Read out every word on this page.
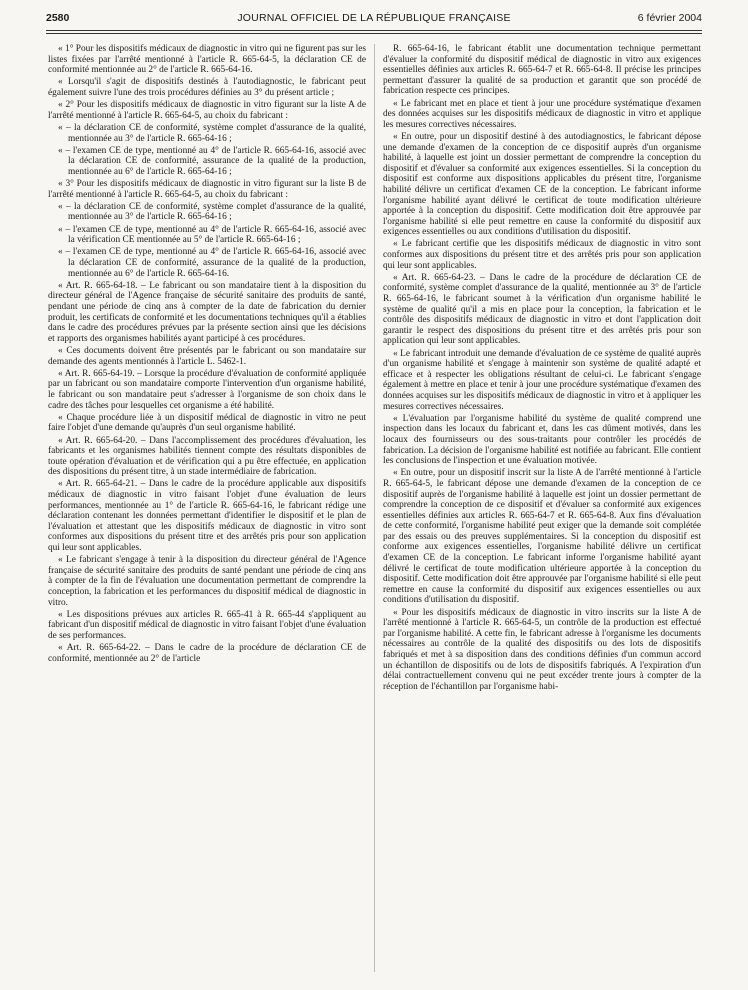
2580	JOURNAL OFFICIEL DE LA RÉPUBLIQUE FRANÇAISE	6 février 2004

« 1° Pour les dispositifs médicaux de diagnostic in vitro qui ne figurent pas sur les listes fixées par l'arrêté mentionné à l'article R. 665-64-5, la déclaration CE de conformité mentionnée au 2° de l'article R. 665-64-16.

« Lorsqu'il s'agit de dispositifs destinés à l'autodiagnostic, le fabricant peut également suivre l'une des trois procédures définies au 3° du présent article ;

« 2° Pour les dispositifs médicaux de diagnostic in vitro figurant sur la liste A de l'arrêté mentionné à l'article R. 665-64-5, au choix du fabricant :

« – la déclaration CE de conformité, système complet d'assurance de la qualité, mentionnée au 3° de l'article R. 665-64-16 ;

« – l'examen CE de type, mentionné au 4° de l'article R. 665-64-16, associé avec la déclaration CE de conformité, assurance de la qualité de la production, mentionnée au 6° de l'article R. 665-64-16 ;

« 3° Pour les dispositifs médicaux de diagnostic in vitro figurant sur la liste B de l'arrêté mentionné à l'article R. 665-64-5, au choix du fabricant :

« – la déclaration CE de conformité, système complet d'assurance de la qualité, mentionnée au 3° de l'article R. 665-64-16 ;

« – l'examen CE de type, mentionné au 4° de l'article R. 665-64-16, associé avec la vérification CE mentionnée au 5° de l'article R. 665-64-16 ;

« – l'examen CE de type, mentionné au 4° de l'article R. 665-64-16, associé avec la déclaration CE de conformité, assurance de la qualité de la production, mentionnée au 6° de l'article R. 665-64-16.

« Art. R. 665-64-18. – Le fabricant ou son mandataire tient à la disposition du directeur général de l'Agence française de sécurité sanitaire des produits de santé, pendant une période de cinq ans à compter de la date de fabrication du dernier produit, les certificats de conformité et les documentations techniques qu'il a établies dans le cadre des procédures prévues par la présente section ainsi que les décisions et rapports des organismes habilités ayant participé à ces procédures.

« Ces documents doivent être présentés par le fabricant ou son mandataire sur demande des agents mentionnés à l'article L. 5462-1.

« Art. R. 665-64-19. – Lorsque la procédure d'évaluation de conformité appliquée par un fabricant ou son mandataire comporte l'intervention d'un organisme habilité, le fabricant ou son mandataire peut s'adresser à l'organisme de son choix dans le cadre des tâches pour lesquelles cet organisme a été habilité.

« Chaque procédure liée à un dispositif médical de diagnostic in vitro ne peut faire l'objet d'une demande qu'auprès d'un seul organisme habilité.

« Art. R. 665-64-20. – Dans l'accomplissement des procédures d'évaluation, les fabricants et les organismes habilités tiennent compte des résultats disponibles de toute opération d'évaluation et de vérification qui a pu être effectuée, en application des dispositions du présent titre, à un stade intermédiaire de fabrication.

« Art. R. 665-64-21. – Dans le cadre de la procédure applicable aux dispositifs médicaux de diagnostic in vitro faisant l'objet d'une évaluation de leurs performances, mentionnée au 1° de l'article R. 665-64-16, le fabricant rédige une déclaration contenant les données permettant d'identifier le dispositif et le plan de l'évaluation et attestant que les dispositifs médicaux de diagnostic in vitro sont conformes aux dispositions du présent titre et des arrêtés pris pour son application qui leur sont applicables.

« Le fabricant s'engage à tenir à la disposition du directeur général de l'Agence française de sécurité sanitaire des produits de santé pendant une période de cinq ans à compter de la fin de l'évaluation une documentation permettant de comprendre la conception, la fabrication et les performances du dispositif médical de diagnostic in vitro.

« Les dispositions prévues aux articles R. 665-41 à R. 665-44 s'appliquent au fabricant d'un dispositif médical de diagnostic in vitro faisant l'objet d'une évaluation de ses performances.

« Art. R. 665-64-22. – Dans le cadre de la procédure de déclaration CE de conformité, mentionnée au 2° de l'article

R. 665-64-16, le fabricant établit une documentation technique permettant d'évaluer la conformité du dispositif médical de diagnostic in vitro aux exigences essentielles définies aux articles R. 665-64-7 et R. 665-64-8. Il précise les principes permettant d'assurer la qualité de sa production et garantit que son procédé de fabrication respecte ces principes.

« Le fabricant met en place et tient à jour une procédure systématique d'examen des données acquises sur les dispositifs médicaux de diagnostic in vitro et applique les mesures correctives nécessaires.

« En outre, pour un dispositif destiné à des autodiagnostics, le fabricant dépose une demande d'examen de la conception de ce dispositif auprès d'un organisme habilité, à laquelle est joint un dossier permettant de comprendre la conception du dispositif et d'évaluer sa conformité aux exigences essentielles. Si la conception du dispositif est conforme aux dispositions applicables du présent titre, l'organisme habilité délivre un certificat d'examen CE de la conception. Le fabricant informe l'organisme habilité ayant délivré le certificat de toute modification ultérieure apportée à la conception du dispositif. Cette modification doit être approuvée par l'organisme habilité si elle peut remettre en cause la conformité du dispositif aux exigences essentielles ou aux conditions d'utilisation du dispositif.

« Le fabricant certifie que les dispositifs médicaux de diagnostic in vitro sont conformes aux dispositions du présent titre et des arrêtés pris pour son application qui leur sont applicables.

« Art. R. 665-64-23. – Dans le cadre de la procédure de déclaration CE de conformité, système complet d'assurance de la qualité, mentionnée au 3° de l'article R. 665-64-16, le fabricant soumet à la vérification d'un organisme habilité le système de qualité qu'il a mis en place pour la conception, la fabrication et le contrôle des dispositifs médicaux de diagnostic in vitro et dont l'application doit garantir le respect des dispositions du présent titre et des arrêtés pris pour son application qui leur sont applicables.

« Le fabricant introduit une demande d'évaluation de ce système de qualité auprès d'un organisme habilité et s'engage à maintenir son système de qualité adapté et efficace et à respecter les obligations résultant de celui-ci. Le fabricant s'engage également à mettre en place et tenir à jour une procédure systématique d'examen des données acquises sur les dispositifs médicaux de diagnostic in vitro et à appliquer les mesures correctives nécessaires.

« L'évaluation par l'organisme habilité du système de qualité comprend une inspection dans les locaux du fabricant et, dans les cas dûment motivés, dans les locaux des fournisseurs ou des sous-traitants pour contrôler les procédés de fabrication. La décision de l'organisme habilité est notifiée au fabricant. Elle contient les conclusions de l'inspection et une évaluation motivée.

« En outre, pour un dispositif inscrit sur la liste A de l'arrêté mentionné à l'article R. 665-64-5, le fabricant dépose une demande d'examen de la conception de ce dispositif auprès de l'organisme habilité à laquelle est joint un dossier permettant de comprendre la conception de ce dispositif et d'évaluer sa conformité aux exigences essentielles définies aux articles R. 665-64-7 et R. 665-64-8. Aux fins d'évaluation de cette conformité, l'organisme habilité peut exiger que la demande soit complétée par des essais ou des preuves supplémentaires. Si la conception du dispositif est conforme aux exigences essentielles, l'organisme habilité délivre un certificat d'examen CE de la conception. Le fabricant informe l'organisme habilité ayant délivré le certificat de toute modification ultérieure apportée à la conception du dispositif. Cette modification doit être approuvée par l'organisme habilité si elle peut remettre en cause la conformité du dispositif aux exigences essentielles ou aux conditions d'utilisation du dispositif.

« Pour les dispositifs médicaux de diagnostic in vitro inscrits sur la liste A de l'arrêté mentionné à l'article R. 665-64-5, un contrôle de la production est effectué par l'organisme habilité. A cette fin, le fabricant adresse à l'organisme les documents nécessaires au contrôle de la qualité des dispositifs ou des lots de dispositifs fabriqués et met à sa disposition dans des conditions définies d'un commun accord un échantillon de dispositifs ou de lots de dispositifs fabriqués. A l'expiration d'un délai contractuellement convenu qui ne peut excéder trente jours à compter de la réception de l'échantillon par l'organisme habi-
